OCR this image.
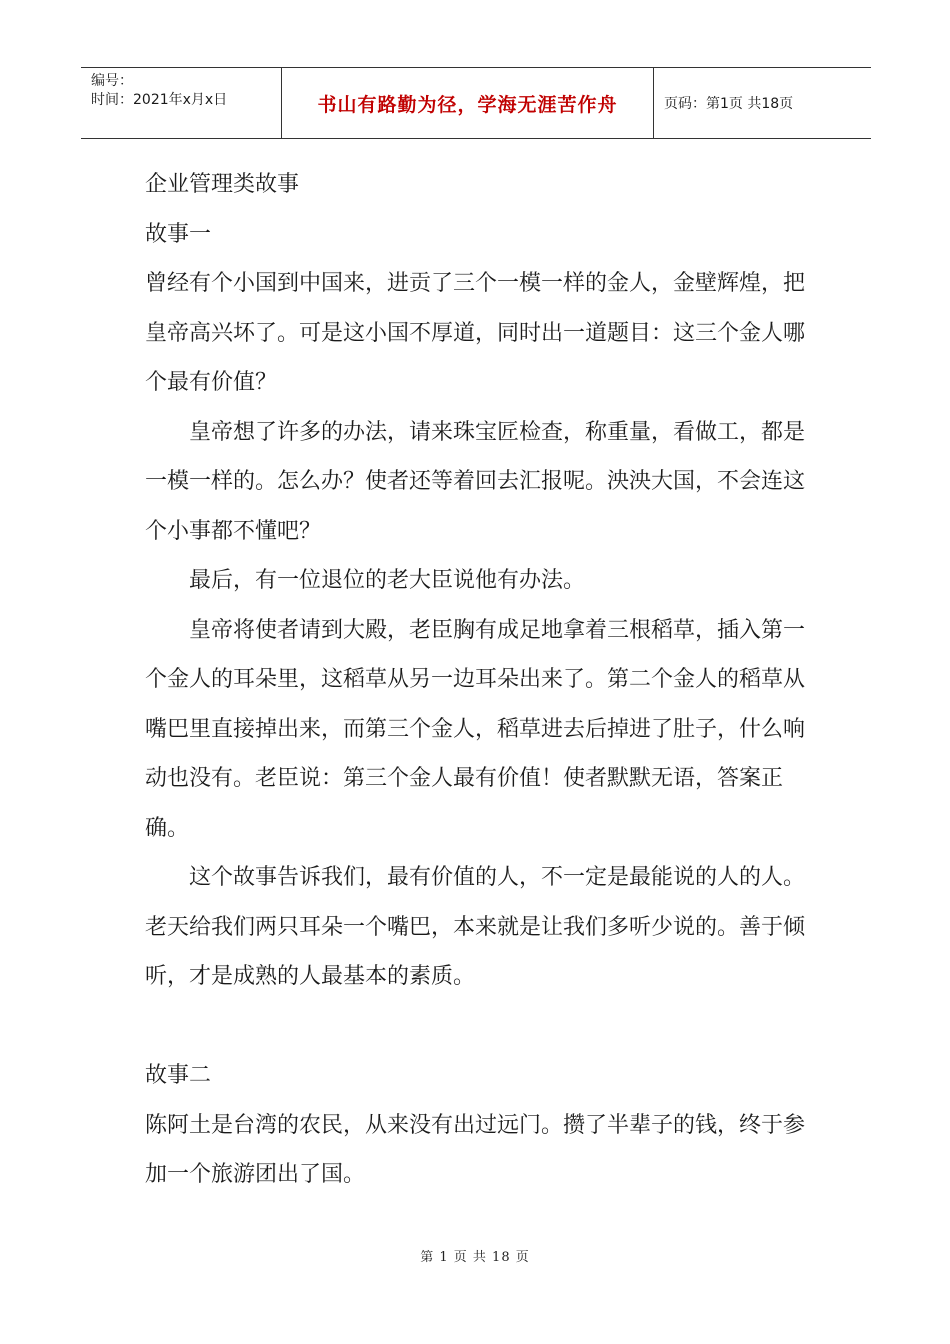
编号：
时间：2021年x月x日	书山有路勤为径，学海无涯苦作舟	页码：第1页 共18页

企业管理类故事

故事一

曾经有个小国到中国来，进贡了三个一模一样的金人，金壁辉煌，把皇帝高兴坏了。可是这小国不厚道，同时出一道题目：这三个金人哪个最有价值？

皇帝想了许多的办法，请来珠宝匠检查，称重量，看做工，都是一模一样的。怎么办？使者还等着回去汇报呢。泱泱大国，不会连这个小事都不懂吧？

最后，有一位退位的老大臣说他有办法。

皇帝将使者请到大殿，老臣胸有成足地拿着三根稻草，插入第一个金人的耳朵里，这稻草从另一边耳朵出来了。第二个金人的稻草从嘴巴里直接掉出来，而第三个金人，稻草进去后掉进了肚子，什么响动也没有。老臣说：第三个金人最有价值！使者默默无语，答案正确。

这个故事告诉我们，最有价值的人，不一定是最能说的人的人。老天给我们两只耳朵一个嘴巴，本来就是让我们多听少说的。善于倾听，才是成熟的人最基本的素质。

故事二

陈阿土是台湾的农民，从来没有出过远门。攒了半辈子的钱，终于参加一个旅游团出了国。

第 1 页 共 18 页
